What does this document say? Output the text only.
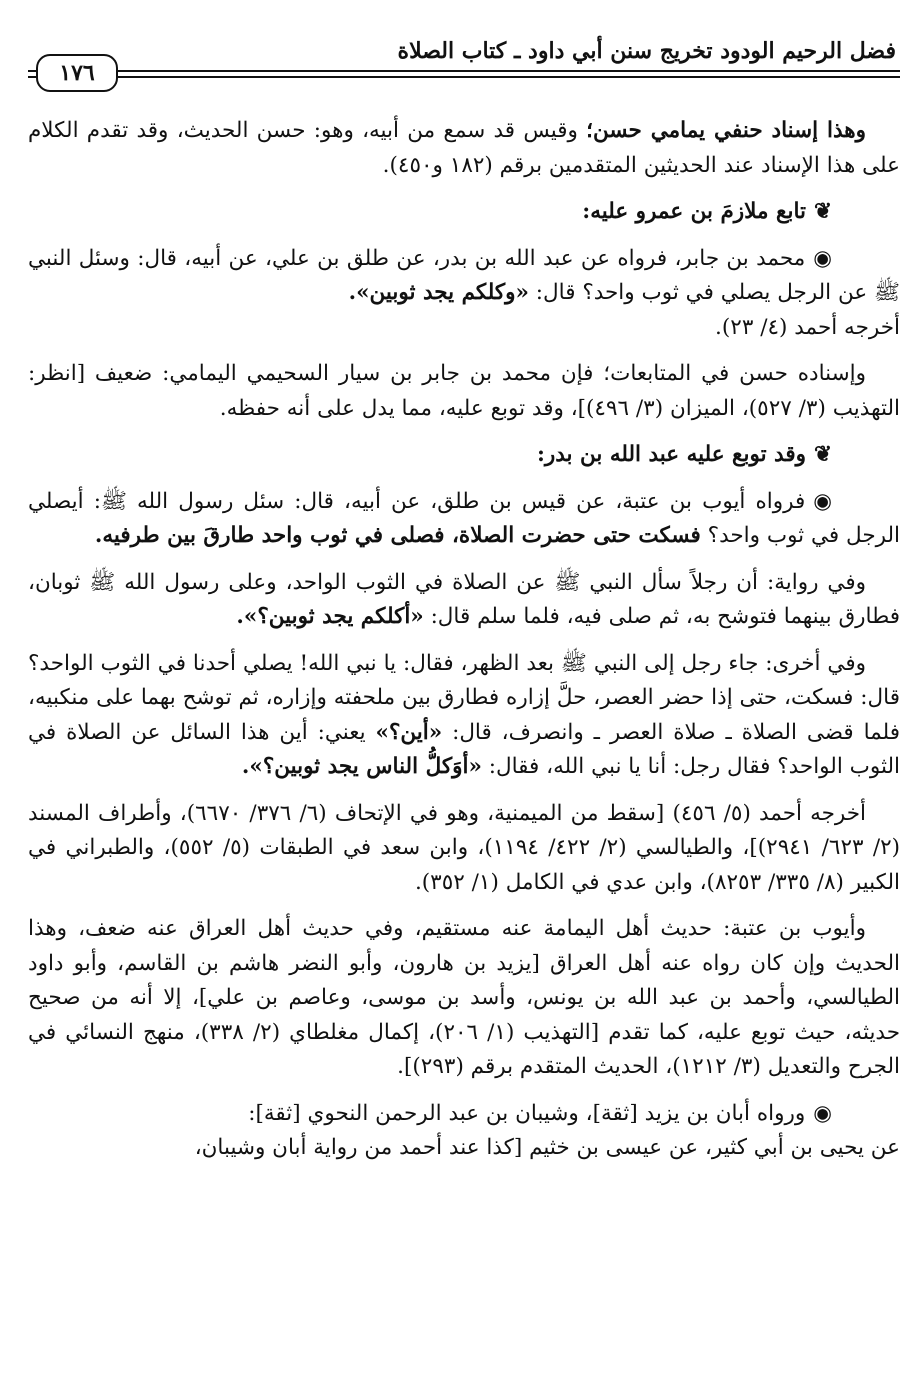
فضل الرحيم الودود تخريج سنن أبي داود ـ كتاب الصلاة
١٧٦

وهذا إسناد حنفي يمامي حسن؛ وقيس قد سمع من أبيه، وهو: حسن الحديث، وقد تقدم الكلام على هذا الإسناد عند الحديثين المتقدمين برقم (١٨٢ و٤٥٠).

❦تابع ملازمَ بن عمرو عليه:

◉محمد بن جابر، فرواه عن عبد الله بن بدر، عن طلق بن علي، عن أبيه، قال: وسئل النبي ﷺ عن الرجل يصلي في ثوب واحد؟ قال: «وكلكم يجد ثوبين».
أخرجه أحمد (٤/ ٢٣).

وإسناده حسن في المتابعات؛ فإن محمد بن جابر بن سيار السحيمي اليمامي: ضعيف [انظر: التهذيب (٣/ ٥٢٧)، الميزان (٣/ ٤٩٦)]، وقد توبع عليه، مما يدل على أنه حفظه.

❦وقد توبع عليه عبد الله بن بدر:

◉فرواه أيوب بن عتبة، عن قيس بن طلق، عن أبيه، قال: سئل رسول الله ﷺ: أيصلي الرجل في ثوب واحد؟ فسكت حتى حضرت الصلاة، فصلى في ثوب واحد طارقَ بين طرفيه.

وفي رواية: أن رجلاً سأل النبي ﷺ عن الصلاة في الثوب الواحد، وعلى رسول الله ﷺ ثوبان، فطارق بينهما فتوشح به، ثم صلى فيه، فلما سلم قال: «أكلكم يجد ثوبين؟».

وفي أخرى: جاء رجل إلى النبي ﷺ بعد الظهر، فقال: يا نبي الله! يصلي أحدنا في الثوب الواحد؟ قال: فسكت، حتى إذا حضر العصر، حلَّ إزاره فطارق بين ملحفته وإزاره، ثم توشح بهما على منكبيه، فلما قضى الصلاة ـ صلاة العصر ـ وانصرف، قال: «أين؟» يعني: أين هذا السائل عن الصلاة في الثوب الواحد؟ فقال رجل: أنا يا نبي الله، فقال: «أوَكلُّ الناس يجد ثوبين؟».

أخرجه أحمد (٥/ ٤٥٦) [سقط من الميمنية، وهو في الإتحاف (٦/ ٣٧٦/ ٦٦٧٠)، وأطراف المسند (٢/ ٦٢٣/ ٢٩٤١)]، والطيالسي (٢/ ٤٢٢/ ١١٩٤)، وابن سعد في الطبقات (٥/ ٥٥٢)، والطبراني في الكبير (٨/ ٣٣٥/ ٨٢٥٣)، وابن عدي في الكامل (١/ ٣٥٢).

وأيوب بن عتبة: حديث أهل اليمامة عنه مستقيم، وفي حديث أهل العراق عنه ضعف، وهذا الحديث وإن كان رواه عنه أهل العراق [يزيد بن هارون، وأبو النضر هاشم بن القاسم، وأبو داود الطيالسي، وأحمد بن عبد الله بن يونس، وأسد بن موسى، وعاصم بن علي]، إلا أنه من صحيح حديثه، حيث توبع عليه، كما تقدم [التهذيب (١/ ٢٠٦)، إكمال مغلطاي (٢/ ٣٣٨)، منهج النسائي في الجرح والتعديل (٣/ ١٢١٢)، الحديث المتقدم برقم (٢٩٣)].

◉ورواه أبان بن يزيد [ثقة]، وشيبان بن عبد الرحمن النحوي [ثقة]:

عن يحيى بن أبي كثير، عن عيسى بن خثيم [كذا عند أحمد من رواية أبان وشيبان،
